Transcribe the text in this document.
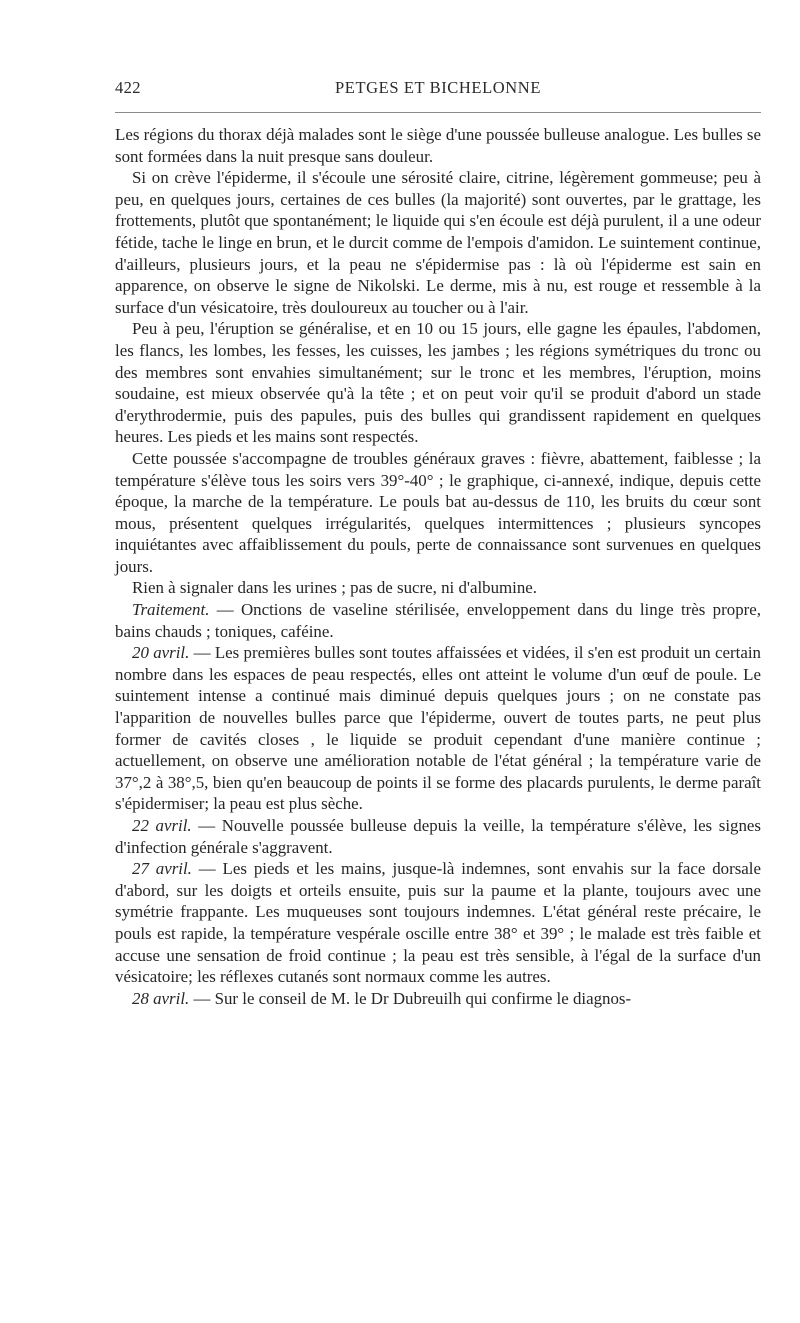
422	PETGES ET BICHELONNE

Les régions du thorax déjà malades sont le siège d'une poussée bulleuse analogue. Les bulles se sont formées dans la nuit presque sans douleur.

Si on crève l'épiderme, il s'écoule une sérosité claire, citrine, légèrement gommeuse; peu à peu, en quelques jours, certaines de ces bulles (la majorité) sont ouvertes, par le grattage, les frottements, plutôt que spontanément; le liquide qui s'en écoule est déjà purulent, il a une odeur fétide, tache le linge en brun, et le durcit comme de l'empois d'amidon. Le suintement continue, d'ailleurs, plusieurs jours, et la peau ne s'épidermise pas : là où l'épiderme est sain en apparence, on observe le signe de Nikolski. Le derme, mis à nu, est rouge et ressemble à la surface d'un vésicatoire, très douloureux au toucher ou à l'air.

Peu à peu, l'éruption se généralise, et en 10 ou 15 jours, elle gagne les épaules, l'abdomen, les flancs, les lombes, les fesses, les cuisses, les jambes ; les régions symétriques du tronc ou des membres sont envahies simultanément; sur le tronc et les membres, l'éruption, moins soudaine, est mieux observée qu'à la tête ; et on peut voir qu'il se produit d'abord un stade d'erythrodermie, puis des papules, puis des bulles qui grandissent rapidement en quelques heures. Les pieds et les mains sont respectés.

Cette poussée s'accompagne de troubles généraux graves : fièvre, abattement, faiblesse ; la température s'élève tous les soirs vers 39°-40° ; le graphique, ci-annexé, indique, depuis cette époque, la marche de la température. Le pouls bat au-dessus de 110, les bruits du cœur sont mous, présentent quelques irrégularités, quelques intermittences ; plusieurs syncopes inquiétantes avec affaiblissement du pouls, perte de connaissance sont survenues en quelques jours.

Rien à signaler dans les urines ; pas de sucre, ni d'albumine.

Traitement. — Onctions de vaseline stérilisée, enveloppement dans du linge très propre, bains chauds ; toniques, caféine.

20 avril. — Les premières bulles sont toutes affaissées et vidées, il s'en est produit un certain nombre dans les espaces de peau respectés, elles ont atteint le volume d'un œuf de poule. Le suintement intense a continué mais diminué depuis quelques jours ; on ne constate pas l'apparition de nouvelles bulles parce que l'épiderme, ouvert de toutes parts, ne peut plus former de cavités closes , le liquide se produit cependant d'une manière continue ; actuellement, on observe une amélioration notable de l'état général ; la température varie de 37°,2 à 38°,5, bien qu'en beaucoup de points il se forme des placards purulents, le derme paraît s'épidermiser; la peau est plus sèche.

22 avril. — Nouvelle poussée bulleuse depuis la veille, la température s'élève, les signes d'infection générale s'aggravent.

27 avril. — Les pieds et les mains, jusque-là indemnes, sont envahis sur la face dorsale d'abord, sur les doigts et orteils ensuite, puis sur la paume et la plante, toujours avec une symétrie frappante. Les muqueuses sont toujours indemnes. L'état général reste précaire, le pouls est rapide, la température vespérale oscille entre 38° et 39° ; le malade est très faible et accuse une sensation de froid continue ; la peau est très sensible, à l'égal de la surface d'un vésicatoire; les réflexes cutanés sont normaux comme les autres.

28 avril. — Sur le conseil de M. le Dr Dubreuilh qui confirme le diagnos-
